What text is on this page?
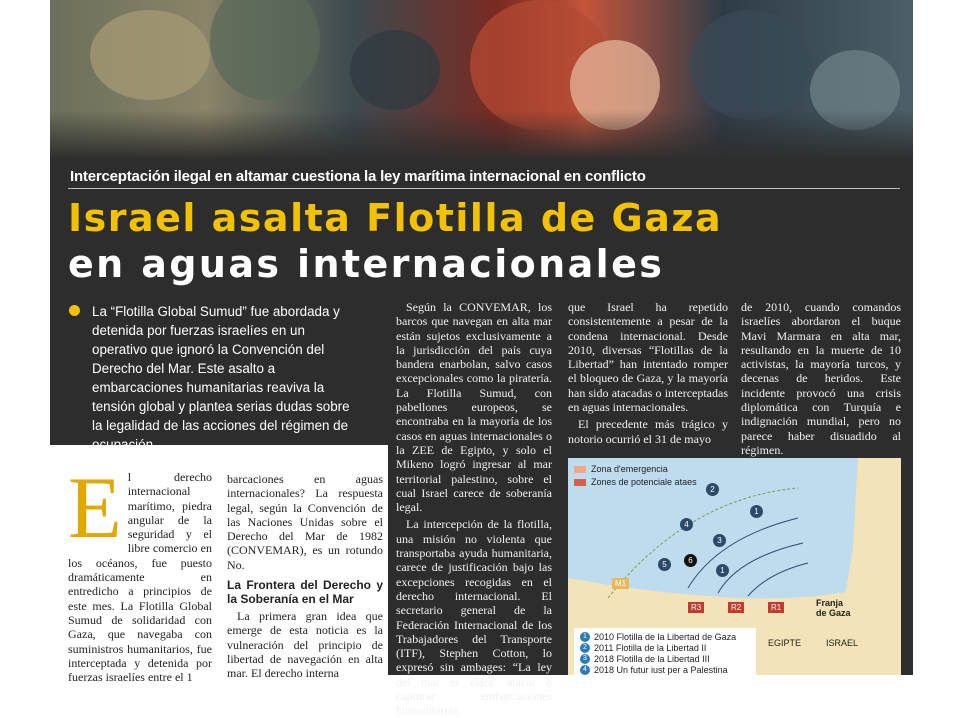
Interceptación ilegal en altamar cuestiona la ley marítima internacional en conflicto
Israel asalta Flotilla de Gaza
en aguas internacionales
La “Flotilla Global Sumud” fue abordada y detenida por fuerzas israelíes en un operativo que ignoró la Convención del Derecho del Mar. Este asalto a embarcaciones humanitarias reaviva la tensión global y plantea serias dudas sobre la legalidad de las acciones del régimen de
El derecho internacional marítimo, piedra angular de la seguridad y el libre comercio en los océanos, fue puesto dramáticamente en entredicho a principios de este mes. La Flotilla Global Sumud de solidaridad con Gaza, que navegaba con suministros humanitarios, fue interceptada y detenida por fuerzas israelíes entre el 1
barcaciones en aguas internacionales? La respuesta legal, según la Convención de las Naciones Unidas sobre el Derecho del Mar de 1982 (CONVEMAR), es un rotundo No.
La Frontera del Derecho y la Soberanía en el Mar

La primera gran idea que emerge de esta noticia es la vulneración del principio de libertad de navegación en alta mar. El derecho interna

Según la CONVEMAR, los barcos que navegan en alta mar están sujetos exclusivamente a la jurisdicción del país cuya bandera enarbolan, salvo casos excepcionales como la piratería. La Flotilla Sumud, con pabellones europeos, se encontraba en la mayoría de los casos en aguas internacionales o la ZEE de Egipto, y solo el Mikeno logró ingresar al mar territorial palestino, sobre el cual Israel carece de soberanía legal.

La intercepción de la flotilla, una misión no violenta que transportaba ayuda humanitaria, carece de justificación bajo las excepciones recogidas en el derecho internacional. El secretario general de la Federación Internacional de los Trabajadores del Transporte (ITF), Stephen Cotton, lo expresó sin ambages: “La ley del mar es clara: atacar o capturar embarcaciones humanitarias

que Israel ha repetido consistentemente a pesar de la condena internacional. Desde 2010, diversas “Flotillas de la Libertad” han intentado romper el bloqueo de Gaza, y la mayoría han sido atacadas o interceptadas en aguas internacionales.

El precedente más trágico y notorio ocurrió el 31 de mayo

de 2010, cuando comandos israelíes abordaron el buque Mavi Marmara en alta mar, resultando en la muerte de 10 activistas, la mayoría turcos, y decenas de heridos. Este incidente provocó una crisis diplomática con Turquía e indignación mundial, pero no parece haber disuadido al régimen.

Zona d'emergencia
Zones de potenciale ataes
2
1
4
3
6
5
1
M1
R3	R2	R1	Franja
de Gaza
EGIPTE	ISRAEL
1 2010 Flotilla de la Libertad de Gaza
2 2011 Flotilla de la Libertad II
3 2018 Flotilla de la Libertad III
4 2018 Un futur iust per a Palestina
